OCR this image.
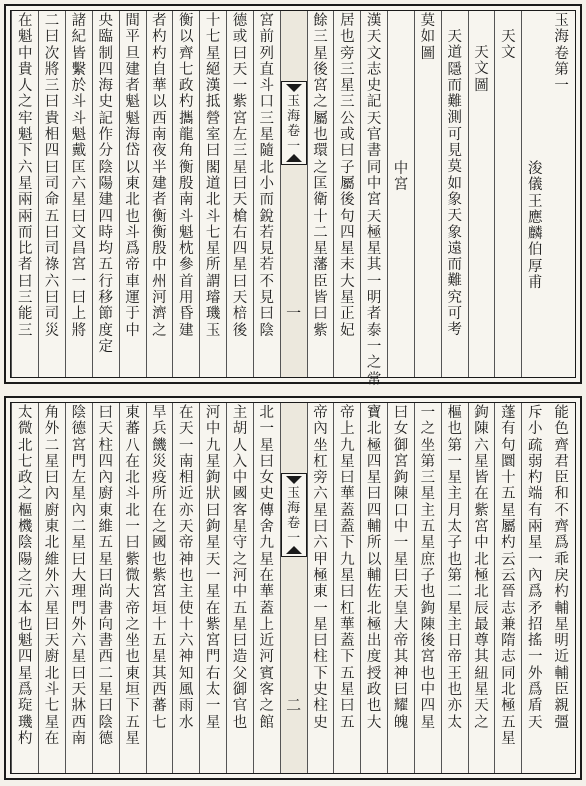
玉海卷第一
浚儀王應麟伯厚甫
天文
天文圖
天道隱而難測可見莫如象天象遠而難究可考
莫如圖
中宮
漢天文志史記天官書同中宮天極星其一明者泰一之常
居也旁三星三公或曰子屬後句四星末大星正妃
餘三星後宮之屬也環之匡衛十二星藩臣皆曰紫
玉海卷一
一
宮前列直斗口三星隨北小而銳若見若不見曰陰
德或曰天一紫宮左三星曰天槍右四星曰天棓後
十七星絕漢抵營室曰閣道北斗七星所謂璿璣玉
衡以齊七政杓攜龍角衡殷南斗魁枕參首用昏建
者杓杓自華以西南夜半建者衡衡殷中州河濟之
間平旦建者魁魁海岱以東北也斗爲帝車運于中
央臨制四海史記作分陰陽建四時均五行移節度定
諸紀皆繫於斗斗魁戴匡六星曰文昌宮一曰上將
二曰次將三曰貴相四曰司命五曰司祿六曰司災
在魁中貴人之牢魁下六星兩兩而比者曰三能三
能色齊君臣和不齊爲乖戾杓輔星明近輔臣親彊
斥小疏弱杓端有兩星一內爲矛招搖一外爲盾天
蓬有句圜十五星屬杓云云晉志兼隋志同北極五星
鉤陳六星皆在紫宮中北極北辰最尊其紐星天之
樞也第一星主月太子也第二星主日帝王也亦太
一之坐第三星主五星庶子也鉤陳後宮也中四星
曰女御宮鉤陳口中一星曰天皇大帝其神曰耀魄
寶北極四星曰四輔所以輔佐北極出度授政也大
帝上九星曰華蓋蓋下九星曰杠華蓋下五星曰五
帝內坐杠旁六星曰六甲極東一星曰柱下史柱史
玉海卷一
二
北一星曰女史傳舍九星在華蓋上近河賓客之館
主胡人入中國客星守之河中五星曰造父御官也
河中九星鉤狀曰鉤星天一星在紫宮門右太一星
在天一南相近亦天帝神也主使十六神知風雨水
旱兵饑災疫所在之國也紫宮垣十五星其西蕃七
東蕃八在北斗北一曰紫微大帝之坐也東垣下五星
曰天柱四內廚東維五星曰尚書向書西二星曰陰德
陰德宮門左星內二星曰大理門外六星曰天牀西南
角外二星曰內廚東北維外六星曰天廚北斗七星在
太微北七政之樞機陰陽之元本也魁四星爲琁璣杓
